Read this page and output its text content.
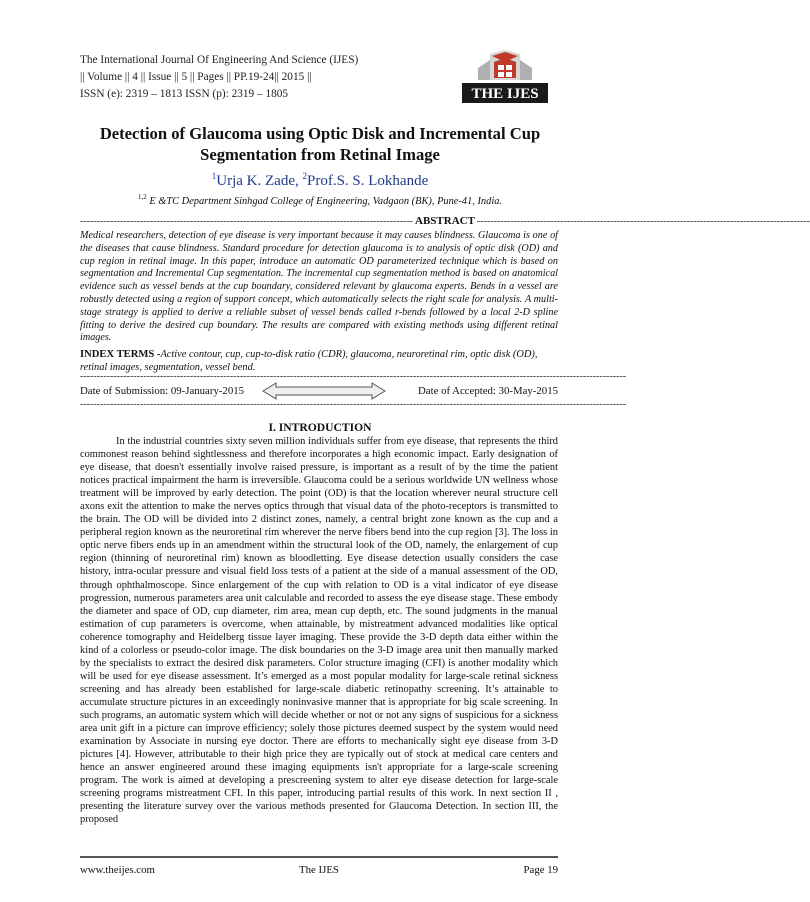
The International Journal Of Engineering And Science (IJES)
|| Volume || 4 || Issue || 5 || Pages || PP.19-24|| 2015 ||
ISSN (e): 2319 – 1813 ISSN (p): 2319 – 1805	THE IJES
Detection of Glaucoma using Optic Disk and Incremental Cup
Segmentation from Retinal Image
$^1$Urja K. Zade, $^2$Prof.S. S. Lokhande
$^{1,2}$ E &TC Department Sinhgad College of Engineering, Vadgaon (BK), Pune-41, India.
---------------------------------------------------------------------------------------------------- ABSTRACT ----------------------------------------------------------------------------------------------------
Medical researchers, detection of eye disease is very important because it may causes blindness. Glaucoma is one of the diseases that cause blindness. Standard procedure for detection glaucoma is to analysis of optic disk (OD) and cup region in retinal image. In this paper, introduce an automatic OD parameterized technique which is based on segmentation and Incremental Cup segmentation. The incremental cup segmentation method is based on anatomical evidence such as vessel bends at the cup boundary, considered relevant by glaucoma experts. Bends in a vessel are robustly detected using a region of support concept, which automatically selects the right scale for analysis. A multi-stage strategy is applied to derive a reliable subset of vessel bends called r-bends followed by a local 2-D spline fitting to derive the desired cup boundary. The results are compared with existing methods using different retinal images.
INDEX TERMS -Active contour, cup, cup-to-disk ratio (CDR), glaucoma, neuroretinal rim, optic disk (OD), retinal images, segmentation, vessel bend.
--------------------------------------------------------------------------------------------------------------------------------------------------------------------
Date of Submission: 09-January-2015	Date of Accepted: 30-May-2015
--------------------------------------------------------------------------------------------------------------------------------------------------------------------
I. INTRODUCTION
In the industrial countries sixty seven million individuals suffer from eye disease, that represents the third commonest reason behind sightlessness and therefore incorporates a high economic impact. Early designation of eye disease, that doesn't essentially involve raised pressure, is important as a result of by the time the patient notices practical impairment the harm is irreversible. Glaucoma could be a serious worldwide UN wellness whose treatment will be improved by early detection. The point (OD) is that the location wherever neural structure cell axons exit the attention to make the nerves optics through that visual data of the photo-receptors is transmitted to the brain. The OD will be divided into 2 distinct zones, namely, a central bright zone known as the cup and a peripheral region known as the neuroretinal rim wherever the nerve fibers bend into the cup region [3]. The loss in optic nerve fibers ends up in an amendment within the structural look of the OD, namely, the enlargement of cup region (thinning of neuroretinal rim) known as bloodletting. Eye disease detection usually considers the case history, intra-ocular pressure and visual field loss tests of a patient at the side of a manual assessment of the OD, through ophthalmoscope. Since enlargement of the cup with relation to OD is a vital indicator of eye disease progression, numerous parameters area unit calculable and recorded to assess the eye disease stage. These embody the diameter and space of OD, cup diameter, rim area, mean cup depth, etc. The sound judgments in the manual estimation of cup parameters is overcome, when attainable, by mistreatment advanced modalities like optical coherence tomography and Heidelberg tissue layer imaging. These provide the 3-D depth data either within the kind of a colorless or pseudo-color image. The disk boundaries on the 3-D image area unit then manually marked by the specialists to extract the desired disk parameters. Color structure imaging (CFI) is another modality which will be used for eye disease assessment. It’s emerged as a most popular modality for large-scale retinal sickness screening and has already been established for large-scale diabetic retinopathy screening. It’s attainable to accumulate structure pictures in an exceedingly noninvasive manner that is appropriate for big scale screening. In such programs, an automatic system which will decide whether or not or not any signs of suspicious for a sickness area unit gift in a picture can improve efficiency; solely those pictures deemed suspect by the system would need examination by Associate in nursing eye doctor. There are efforts to mechanically sight eye disease from 3-D pictures [4]. However, attributable to their high price they are typically out of stock at medical care centers and hence an answer engineered around these imaging equipments isn't appropriate for a large-scale screening program. The work is aimed at developing a prescreening system to alter eye disease detection for large-scale screening programs mistreatment CFI. In this paper, introducing partial results of this work. In next section II , presenting the literature survey over the various methods presented for Glaucoma Detection. In section III, the proposed
www.theijes.com	The IJES	Page 19
